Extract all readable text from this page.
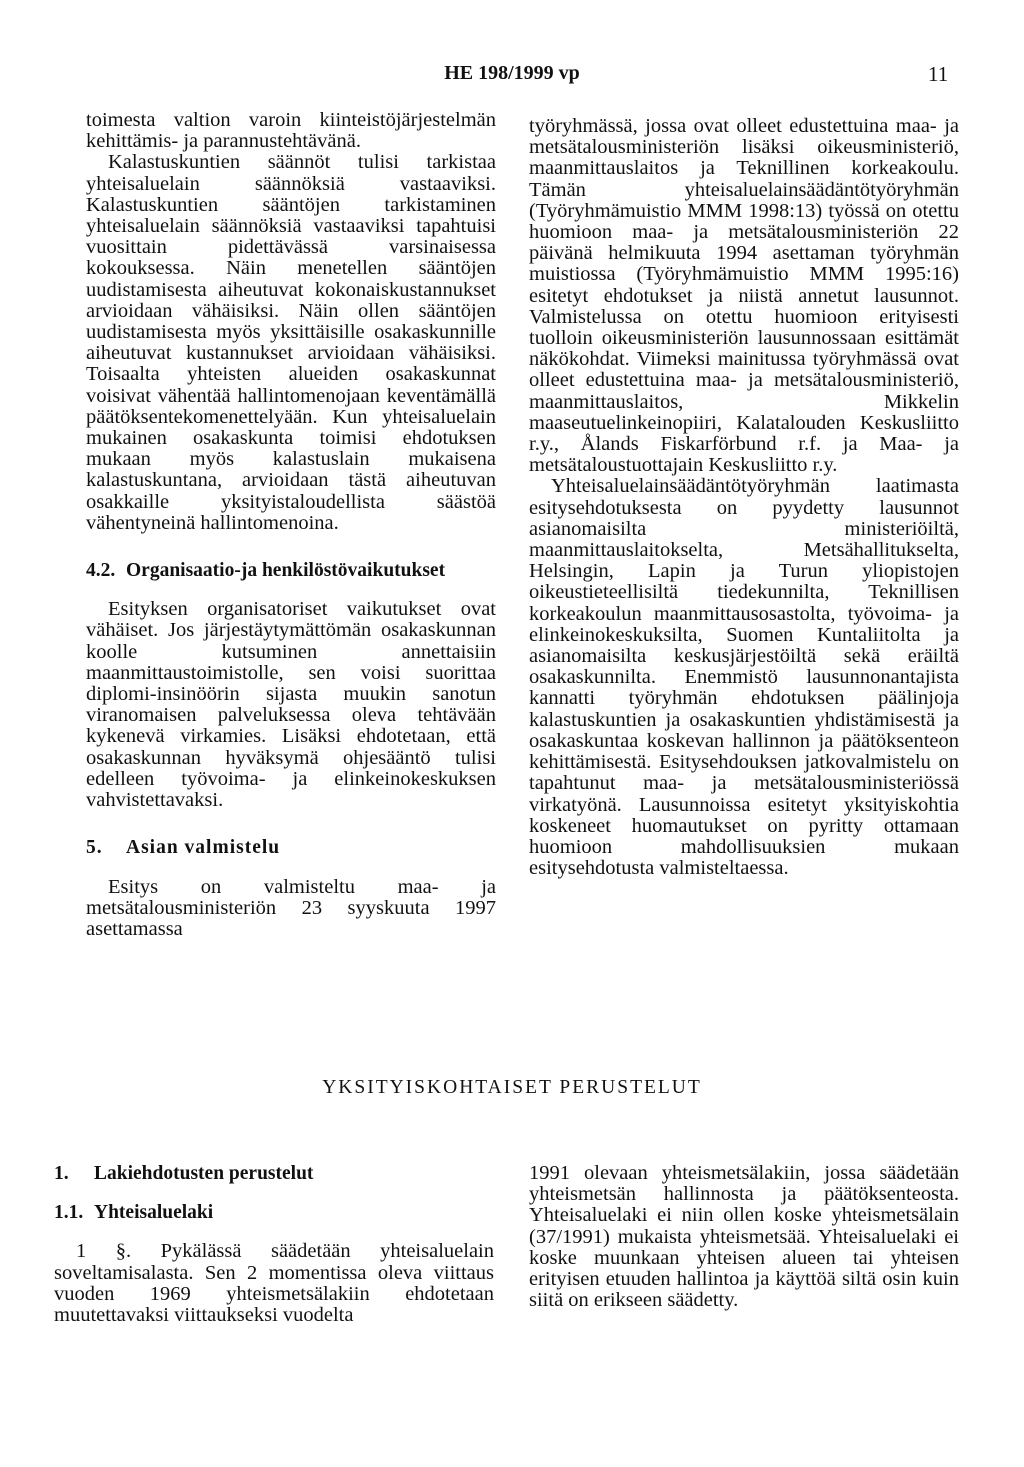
HE 198/1999 vp	11

toimesta valtion varoin kiinteistöjärjestelmän kehittämis- ja parannustehtävänä.

Kalastuskuntien säännöt tulisi tarkistaa yhteisaluelain säännöksiä vastaaviksi. Kalastuskuntien sääntöjen tarkistaminen yhteisaluelain säännöksiä vastaaviksi tapahtuisi vuosittain pidettävässä varsinaisessa kokouksessa. Näin menetellen sääntöjen uudistamisesta aiheutuvat kokonaiskustannukset arvioidaan vähäisiksi. Näin ollen sääntöjen uudistamisesta myös yksittäisille osakaskunnille aiheutuvat kustannukset arvioidaan vähäisiksi. Toisaalta yhteisten alueiden osakaskunnat voisivat vähentää hallintomenojaan keventämällä päätöksentekomenettelyään. Kun yhteisaluelain mukainen osakaskunta toimisi ehdotuksen mukaan myös kalastuslain mukaisena kalastuskuntana, arvioidaan tästä aiheutuvan osakkaille yksityistaloudellista säästöä vähentyneinä hallintomenoina.

4.2. Organisaatio-ja henkilöstövaikutukset

Esityksen organisatoriset vaikutukset ovat vähäiset. Jos järjestäytymättömän osakaskunnan koolle kutsuminen annettaisiin maanmittaustoimistolle, sen voisi suorittaa diplomi-insinöörin sijasta muukin sanotun viranomaisen palveluksessa oleva tehtävään kykenevä virkamies. Lisäksi ehdotetaan, että osakaskunnan hyväksymä ohjesääntö tulisi edelleen työvoima- ja elinkeinokeskuksen vahvistettavaksi.

5. Asian valmistelu

Esitys on valmisteltu maa- ja metsätalousministeriön 23 syyskuuta 1997 asettamassa

työryhmässä, jossa ovat olleet edustettuina maa- ja metsätalousministeriön lisäksi oikeusministeriö, maanmittauslaitos ja Teknillinen korkeakoulu. Tämän yhteisaluelainsäädäntötyöryhmän (Työryhmämuistio MMM 1998:13) työssä on otettu huomioon maa- ja metsätalousministeriön 22 päivänä helmikuuta 1994 asettaman työryhmän muistiossa (Työryhmämuistio MMM 1995:16) esitetyt ehdotukset ja niistä annetut lausunnot. Valmistelussa on otettu huomioon erityisesti tuolloin oikeusministeriön lausunnossaan esittämät näkökohdat. Viimeksi mainitussa työryhmässä ovat olleet edustettuina maa- ja metsätalousministeriö, maanmittauslaitos, Mikkelin maaseutuelinkeinopiiri, Kalatalouden Keskusliitto r.y., Ålands Fiskarförbund r.f. ja Maa- ja metsätaloustuottajain Keskusliitto r.y.

Yhteisaluelainsäädäntötyöryhmän laatimasta esitysehdotuksesta on pyydetty lausunnot asianomaisilta ministeriöiltä, maanmittauslaitokselta, Metsähallitukselta, Helsingin, Lapin ja Turun yliopistojen oikeustieteellisiltä tiedekunnilta, Teknillisen korkeakoulun maanmittausosastolta, työvoima- ja elinkeinokeskuksilta, Suomen Kuntaliitolta ja asianomaisilta keskusjärjestöiltä sekä eräiltä osakaskunnilta. Enemmistö lausunnonantajista kannatti työryhmän ehdotuksen päälinjoja kalastuskuntien ja osakaskuntien yhdistämisestä ja osakaskuntaa koskevan hallinnon ja päätöksenteon kehittämisestä. Esitysehdouksen jatkovalmistelu on tapahtunut maa- ja metsätalousministeriössä virkatyönä. Lausunnoissa esitetyt yksityiskohtia koskeneet huomautukset on pyritty ottamaan huomioon mahdollisuuksien mukaan esitysehdotusta valmisteltaessa.

YKSITYISKOHTAISET PERUSTELUT
1. Lakiehdotusten perustelut
1.1. Yhteisaluelaki

1 §. Pykälässä säädetään yhteisaluelain soveltamisalasta. Sen 2 momentissa oleva viittaus vuoden 1969 yhteismetsälakiin ehdotetaan muutettavaksi viittaukseksi vuodelta

1991 olevaan yhteismetsälakiin, jossa säädetään yhteismetsän hallinnosta ja päätöksenteosta. Yhteisaluelaki ei niin ollen koske yhteismetsälain (37/1991) mukaista yhteismetsää. Yhteisaluelaki ei koske muunkaan yhteisen alueen tai yhteisen erityisen etuuden hallintoa ja käyttöä siltä osin kuin siitä on erikseen säädetty.
